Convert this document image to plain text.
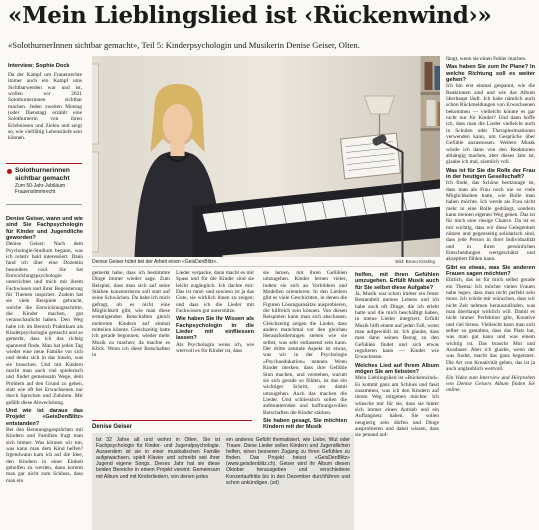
«Mein Lieblingslied ist ‹Rückenwind›»
«SolothurnerInnen sichtbar gemacht», Teil 5: Kinderpsychologin und Musikerin Denise Geiser, Olten.
Interview: Sophie Dock

Da der Kampf um Frauenrechte immer auch ein Kampf ums Sichtbarwerden war und ist, wollen wir 2021 Solothurnerinnen sichtbar machen. Jeden zweiten Montag (oder Dienstag) erzählt eine Solothurnerin von ihren Erlebnissen und Zielen und zeigt so, wie vielfältig Lebensläufe sein können.

Solothurnerinnen sichtbar gemacht
Zum 50-Jahr-Jubiläum Frauenstimmrecht

Denise Geiser, wann und wie sind Sie Fachpsychologin für Kinder und Jugendliche geworden?

Denise Geiser: Nach dem Psychologie-Studium begann, was ich relativ bald interessiert. Dann fand ich über eine Dozentin besonders cool. Sie hat Entwicklungspsychologie unterrichtet und mich mit ihrem Fachwissen und ihrer Begeisterung für Themen inspiriert. Zudem hat sie viele Beispiele gebracht, welche die Entwicklungsschritte, die Kinder machen, gut veranschaulicht haben. Den Weg habe ich im Bereich Praktikum als Kinderpsychologin gemacht und so gemerkt, dass ich das richtig spannend finde. Man hat jeden Tag wieder eine neue Familie vor sich und denkt sich in das hinein, was sie brauchen. Und mit Kindern macht man auch viel spielerisch und findet gemeinsam Wege, dem Problem auf den Grund zu gehen, statt wie oft bei Erwachsenen nur durch Sprechen und Zuhören. Mir gefällt diese Abwechslung.

Und wie ist daraus das Projekt «GeisDenBlitz» entstanden?

Bei den Beratungsgesprächen mit Kindern und Familien fragt man sich immer: Was können wir tun, was kann man dem Kind helfen? Irgendwann kam ich auf die Idee, den Kindern in einer Einheit geholfen zu werden, dann kommt man gar nicht zum Schluss, dass man ein

Denise Geiser hütet bei der Arbeit einen «GeisDenBlitz».	Bild: Bruno Kissling

gemerkt habe, dass ich bestimmte Dinge immer wieder sage. Zum Beispiel, dass man sich auf seine Stärken konzentrieren soll statt auf seine Schwächen. Da habe ich mich gefragt, ob es nicht eine Möglichkeit gibt, wie man diese ermutigenden Botschaften gleich mehreren Kindern auf einmal mitteilen könnte. Gleichzeitig hatte ich gerade begonnen, wieder mehr Musik zu machen; da machte es Klick. Wenn ich diese Botschaften in

Lieder verpacke, dann macht es mir Spass und für die Kinder sind sie leicht zugänglich. Ich dachte mir: Das ist rund- und sowieso ist ja das Gute, sie wirklich ihnen zu zeigen; und dass ich die Lieder mit Fachwissen gut unterstütze.

Wie haben Sie Ihr Wissen als Fachpsychologin in die Lieder mit einfliessen lassen?

Als Psychologin weiss ich, wie wertvoll es für Kinder ist, dass

sie lernen, mit ihren Gefühlen umzugehen. Kinder lernen vieles, indem sie sich an Vorbildern und Modellen orientieren. In den Liedern gibt es viele Geschichten, in denen die Figuren Lösungsansätze ausprobieren, die hilfreich sein können. Von diesen Beispielen kann man sich abschauen. Gleichzeitig zeigen die Lieder, dass andere manchmal vor den gleichen Herausforderungen stehen wie sie selbst, was sehr entlastend sein kann. Der dritte zentrale Aspekt ist etwas, was wir in der Psychologie «Psychoedukation» nennen. Wenn Kinder merken, dass ihre Gefühle Sinn machen, und verstehen, warum sie sich gerade so fühlen, ist das ein wichtiger Schritt, um damit umzugehen. Auch das machen die Lieder. Und schliesslich sollen die aufmunternden und hoffnungsvollen Botschaften die Kinder stärken.

Sie haben gesagt, Sie möchten Kindern mit der Musik

helfen, mit ihren Gefühlen umzugehen. Erfüllt Musik auch für Sie selbst diese Aufgabe?

Ja, Musik war schon immer ein fester Bestandteil meines Lebens und ich habe auch oft Dinge, die ich erlebt hatte und die mich beschäftigt haben, in meine Lieder integriert. Erfüllt Musik hilft einem auf jeden Fall, wenn man aufgewühlt ist. Ich glaube, dass man dann seinen Bezug zu den Gefühlen findet und sich etwas regulieren kann — Kinder wie Erwachsene.

Welches Lied auf Ihrem Album mögen Sie am liebsten?

Mein Lieblingslied ist «Rückenwind». Es kommt ganz am Schluss und fasst zusammen, was ich den Kindern auf ihrem Weg mitgeben möchte: Ich wünsche mir für sie, dass sie hinter sich immer einen Antrieb und ein Auffangnetz haben. Sie sollen neugierig sein dürfen und Dinge ausprobieren und dabei wissen, dass sie jemand auf-

fängt, wenn sie einen Fehler machen.

Was haben Sie zum Ihr Plane? In welche Richtung soll es weiter gehen?

Ich bin erst einmal gespannt, wie die Reaktionen sind und wie das Album überhaupt läuft. Ich habe nämlich auch schon Rückmeldungen von Erwachsenen bekommen — vielleicht könnte es gar nicht nur für Kinder? Und dann hoffe ich, dass man die Lieder vielleicht auch in Schulen oder Therapiesituationen verwenden kann, um Gespräche über Gefühle anzustossen. Weitere Musik würde ich dann von den Reaktionen abhängig machen, aber dieses Jahr ist, glaube ich mal, ziemlich voll.

Was ist für Sie die Rolle der Frau in der heutigen Gesellschaft?

Ich finde, das Schöne heutzutage ist, dass man als Frau noch nie so viele Möglichkeiten hatte, wie Rolle man haben möchte. Ich werde als Frau nicht mehr in eine Rolle gedrängt, sondern kann meinen eigenen Weg gehen. Das ist für mich eine riesige Chance. Da ist es mir wichtig, dass wir diese Gelegenheit nützen und gegenseitig solidarisch sind, dass jede Person in ihrer Individualität und in ihren persönlichen Entscheidungen wertgeschätzt und akzeptiert fühlen kann.

Gibt es etwas, was Sie anderen Frauen sagen möchten?

Ehrlich, das ist für mich selbst gerade ein Thema: Ich möchte vielen Frauen nahe legen, dass man nicht perfekt sein muss. Ich würde mir wünschen, dass wir nicht Zeit nehmen herauszufinden, was man überhaupt wirklich will. Damit es nicht immer Perfektion gibt, Kreative und viel Stress. Vielleicht kann man sich selber so gestalten, dass das Platz hat, was man gut kann und was einem wichtig ist. Das braucht Mut und Ausdauer. Aber ich glaube, wenn der was findet, macht das ganz begeistert. Die Art von Kreativität geben, das ist ja auch unglaublich wertvoll.

Ein Video zum Interview und Hörproben von Denise Geisers Album finden Sie online.

Denise Geiser
Ist 32 Jahre alt und wohnt in Olten. Sie ist Fachpsychologin für Kinder- und Jugendpsychologie. Ausserdem ist sie in einer musikalischen Familie aufgewachsen, spielt Klavier und schreibt seit ihrer Jugend eigene Songs. Dieses Jahr hat sie diese beiden Bereiche in einem Projekt vereint: Gemeinsam mit Album und mit Kinderliedern, von denen jedes
ein anderes Gefühl thematisiert, wie Liebe, Wut oder Trauer. Diese Lieder sollen Kindern und Jugendlichen helfen, einen besseren Zugang zu ihren Gefühlen zu finden. Das Projekt heisst «GeisDenBlitz» (www.geisdenblitz.ch). Geiser wird ihr Album diesen Oktober herausgeben und verschiedene Konzertauftritte bis in den Dezember durchführen und schon ankündigen. (sd)
